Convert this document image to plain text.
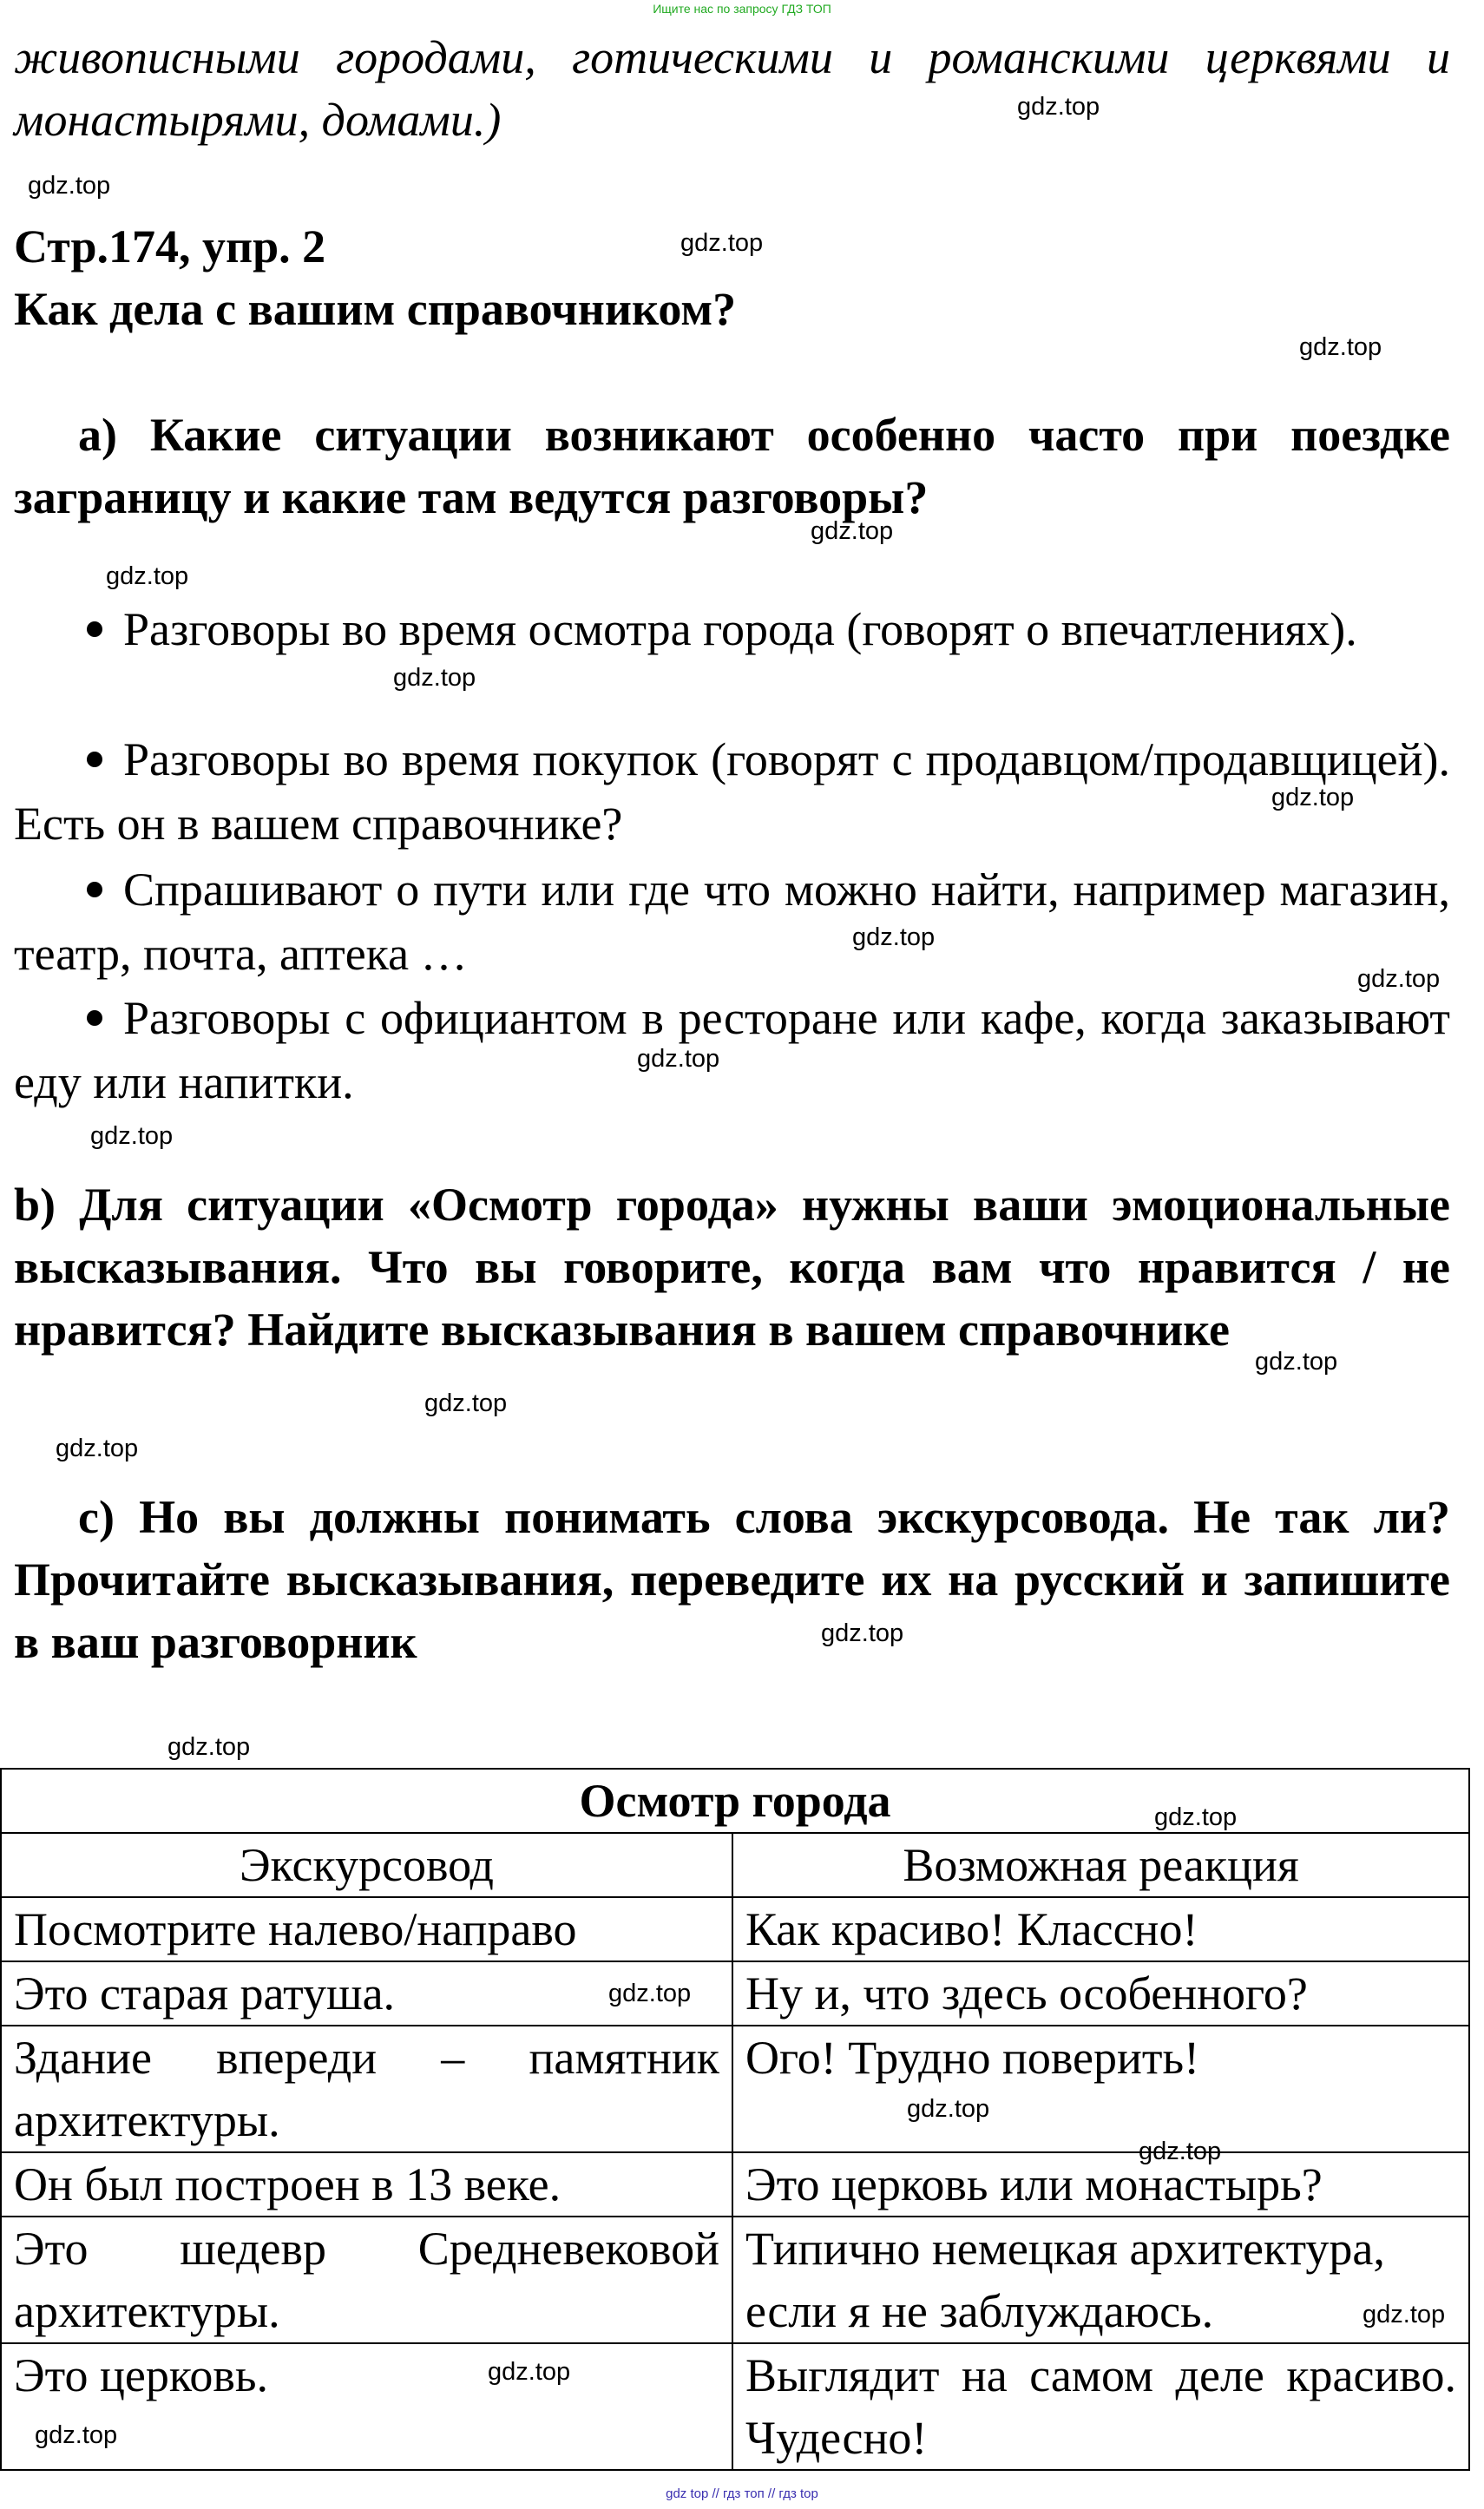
Ищите нас по запросу ГДЗ ТОП
живописными городами, готическими и романскими церквями и монастырями, домами.)
Стр.174, упр. 2
Как дела с вашим справочником?
a) Какие ситуации возникают особенно часто при поездке заграницу и какие там ведутся разговоры?
Разговоры во время осмотра города (говорят о впечатлениях).
Разговоры во время покупок (говорят с продавцом/продавщицей). Есть он в вашем справочнике?
Спрашивают о пути или где что можно найти, например магазин, театр, почта, аптека …
Разговоры с официантом в ресторане или кафе, когда заказывают еду или напитки.
b) Для ситуации «Осмотр города» нужны ваши эмоциональные высказывания. Что вы говорите, когда вам что нравится / не нравится? Найдите высказывания в вашем справочнике
c) Но вы должны понимать слова экскурсовода. Не так ли? Прочитайте высказывания, переведите их на русский и запишите в ваш разговорник
Осмотр города	
Экскурсовод	Возможная реакция
Посмотрите налево/направо	Как красиво! Классно!
Это старая ратуша.	Ну и, что здесь особенного?
Здание впереди – памятник архитектуры.	Ого! Трудно поверить!
Он был построен в 13 веке.	Это церковь или монастырь?
Это шедевр Средневековой архитектуры.	Типично немецкая архитектура, если я не заблуждаюсь.
Это церковь.	Выглядит на самом деле красиво. Чудесно!
gdz.top
gdz.top
gdz.top
gdz.top
gdz.top
gdz.top
gdz.top
gdz.top
gdz.top
gdz.top
gdz.top
gdz.top
gdz.top
gdz.top
gdz.top
gdz.top
gdz.top
gdz.top
gdz.top
gdz.top
gdz.top
gdz.top
gdz.top
gdz.top
gdz top // гдз топ // гдз top
